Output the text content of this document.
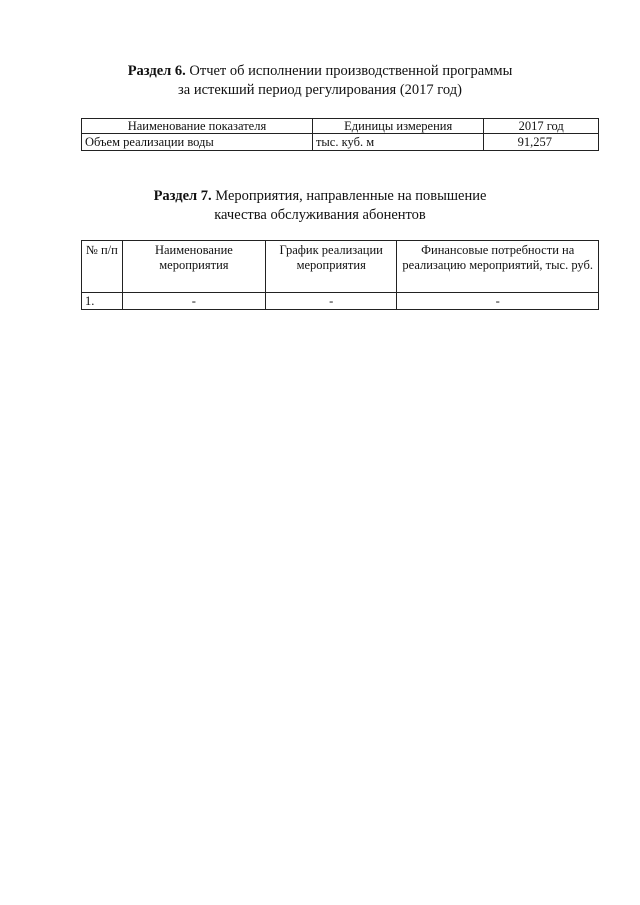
Раздел 6. Отчет об исполнении производственной программы
за истекший период регулирования (2017 год)
Наименование показателя	Единицы измерения	2017 год
Объем реализации воды	тыс. куб. м	91,257
Раздел 7. Мероприятия, направленные на повышение
качества обслуживания абонентов
№ п/п	Наименование мероприятия	График реализации мероприятия	Финансовые потребности на реализацию мероприятий, тыс. руб.
1.	-	-	-
